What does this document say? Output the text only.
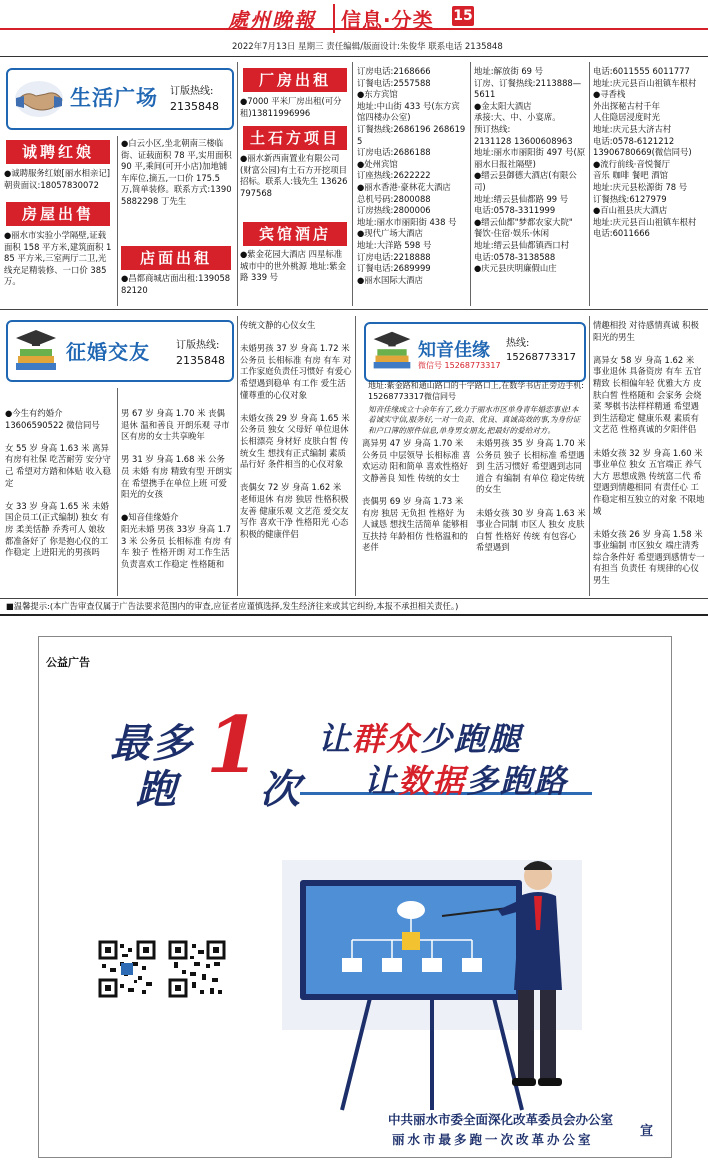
處州晚報	信息·分类 15
2022年7月13日 星期三 责任编辑/版面设计:朱俊华 联系电话 2135848
生活广场 订版热线:
2135848
诚聘红娘
●诚聘服务红娘[丽水相亲记]朝贵面议:18057830072
房屋出售
●丽水市实验小学隔壁,证载面积 158 平方米,建筑面积 185 平方米,三室两厅二卫,光线充足精装修、一口价 385万。
●白云小区,坐北朝南三楼临街、证载面积 78 平,实用面积 90 平,乘间(可开小店)加地铺车库位,摘五,一口价 175.5 万,简单装修。联系方式:13905882298 丁先生
店面出租
●昌都商城店面出租:13905882120
厂房出租
●7000 平米厂房出租(可分租)13811996996
土石方项目
●丽水新西南置业有限公司(财富公园)有土石方开挖项目招标。联系人:钱先生 13626797568
宾馆酒店
●紫金花园大酒店 四星标准 城市中的世外桃源 地址:紫金路 339 号
订房电话:2168666
订餐电话:2557588
●东方宾馆
地址:中山街 433 号(东方宾馆四楼办公室)
订餐热线:2686196 2686195
订房电话:2686188
●处州宾馆
订座热线:2622222
●丽水香港·豪林花大酒店
总机号码:2800088
订房热线:2800006
地址:丽水市丽阳街 438 号
●现代广场大酒店
地址:大洋路 598 号
订房电话:2218888
订餐电话:2689999
●丽水国际大酒店
地址:解放街 69 号
订房、订餐热线:2113888—5611
●金太阳大酒店
承接:大、中、小宴席。
预订热线:
2131128 13600608963
地址:丽水市丽阳街 497 号(原丽水日报社隔壁)
●缙云县御德大酒店(有限公司)
地址:缙云县仙都路 99 号
电话:0578-3311999
●缙云仙都"梦都农家大院"
餐饮·住宿·娱乐·休闲
地址:缙云县仙都镇西口村
电话:0578-3138588
●庆元县庆明廉假山庄
电话:6011555 6011777
地址:庆元县百山祖镇车根村
●寻香栈
外出探秘古村千年
人住隐居浸度时光
地址:庆元县大济古村
电话:0578-6121212
13906780669(微信同号)
●流行前线·音悦餐厅
音乐 咖啡 餐吧 酒馆
地址:庆元县松源街 78 号
订餐热线:6127979
●百山祖县庆大酒店
地址:庆元县百山祖镇车根村
电话:6011666
征婚交友	订版热线:
2135848
●今生有约婚介
13606590522 微信同号

女 55 岁 身高 1.63 米 离异 有房有社保 吃苦耐劳 安分守己 希望对方踏和体贴 收入稳定

女 33 岁 身高 1.65 米 未婚 国企员工(正式编制) 独女 有房 柔美恬静 乔秀可人 娘妆都准备好了 你是抱心仪的工作稳定 上进阳光的男孩吗
男 67 岁 身高 1.70 米 丧偶 退休 温和善良 开朗乐观 寻市区有房的女士共享晚年

男 31 岁 身高 1.68 米 公务员 未婚 有房 精致有型 开朗实在 希望携手在单位上班 可爱阳光的女孩

●知音佳缘婚介
阳光未婚 男孩 33岁 身高 1.73 米 公务员 长相标准 有房 有车 独子 性格开朗 对工作生活负责喜欢工作稳定 性格随和
传统文静的心仪女生

未婚男孩 37 岁 身高 1.72 米 公务员 长相标准 有房 有车 对工作家庭负责任习惯好 有爱心 希望遇到稳单 有工作 爱生活 懂尊重的心仪对象

未婚女孩 29 岁 身高 1.65 米 公务员 独女 父母好 单位退休 长相漂亮 身材好 皮肤白皙 传统女生 想找有正式编制 素质品行好 条件相当的心仪对象

丧偶女 72 岁 身高 1.62 米 老师退休 有房 独居 性格积极友善 健康乐观 文艺范 爱交友 写作 喜欢干净 性格阳光 心态积极的健康伴侣
知音佳缘
微信号 15268773317
热线:
15268773317
地址:紫金路和通山路口的十字路口上,在数学书店正旁边手机:15268773317微信同号
知音佳缘成立十余年有了,致力于丽水市区单身青年婚恋事业!本着诚实守信,服务好,一对一负责、优良、真诚高效的事,为身份证和户口簿的原件信息,单身男女朋友,把最好的爱给对方。
离异男 47 岁 身高 1.70 米 公务员 中层领导 长相标准 喜欢运动 阳和简单 喜欢性格好 文静善良 知性 传统的女士

丧偶男 69 岁 身高 1.73 米 有房 独居 无负担 性格好 为人诚恳 想找生活简单 能够相互扶持 年龄相仿 性格温和的老伴
未婚男孩 35 岁 身高 1.70 米 公务员 独子 长相标准 希望遇到 生活习惯好 希望遇到志同道合 有编制 有单位 稳定传统的女生

未婚女孩 30 岁 身高 1.63 米 事业合同制 市区人 独女 皮肤白皙 性格好 传统 有包容心 希望遇到
情趣相投 对待感情真诚 积极阳光的男生

离异女 58 岁 身高 1.62 米 事业退休 具备资房 有车 五官精致 长相偏年轻 优雅大方 皮肤白皙 性格随和 会家务 会烧菜 琴棋书法样样精通 希望遇到生活稳定 健康乐观 素质有文艺范 性格真诚的夕阳伴侣

未婚女孩 32 岁 身高 1.60 米 事业单位 独女 五官端正 养气大方 思想成熟 传统富二代 希望遇到情趣相同 有责任心 工作稳定相互独立的对象 不限地域

未婚女孩 26 岁 身高 1.58 米 事业编制 市区独女 端庄清秀 综合条件好 希望遇到感情专一 有担当 负责任 有规律的心仪男生
■温馨提示:(本广告审查仅属于广告法要求范围内的审查,应征者应谨慎选择,发生经济往来或其它纠纷,本报不承担相关责任。)
公益广告
最多 1
跑 次
让群众少跑腿
让数据多跑路
中共丽水市委全面深化改革委员会办公室
丽水市最多跑一次改革办公室
宣
